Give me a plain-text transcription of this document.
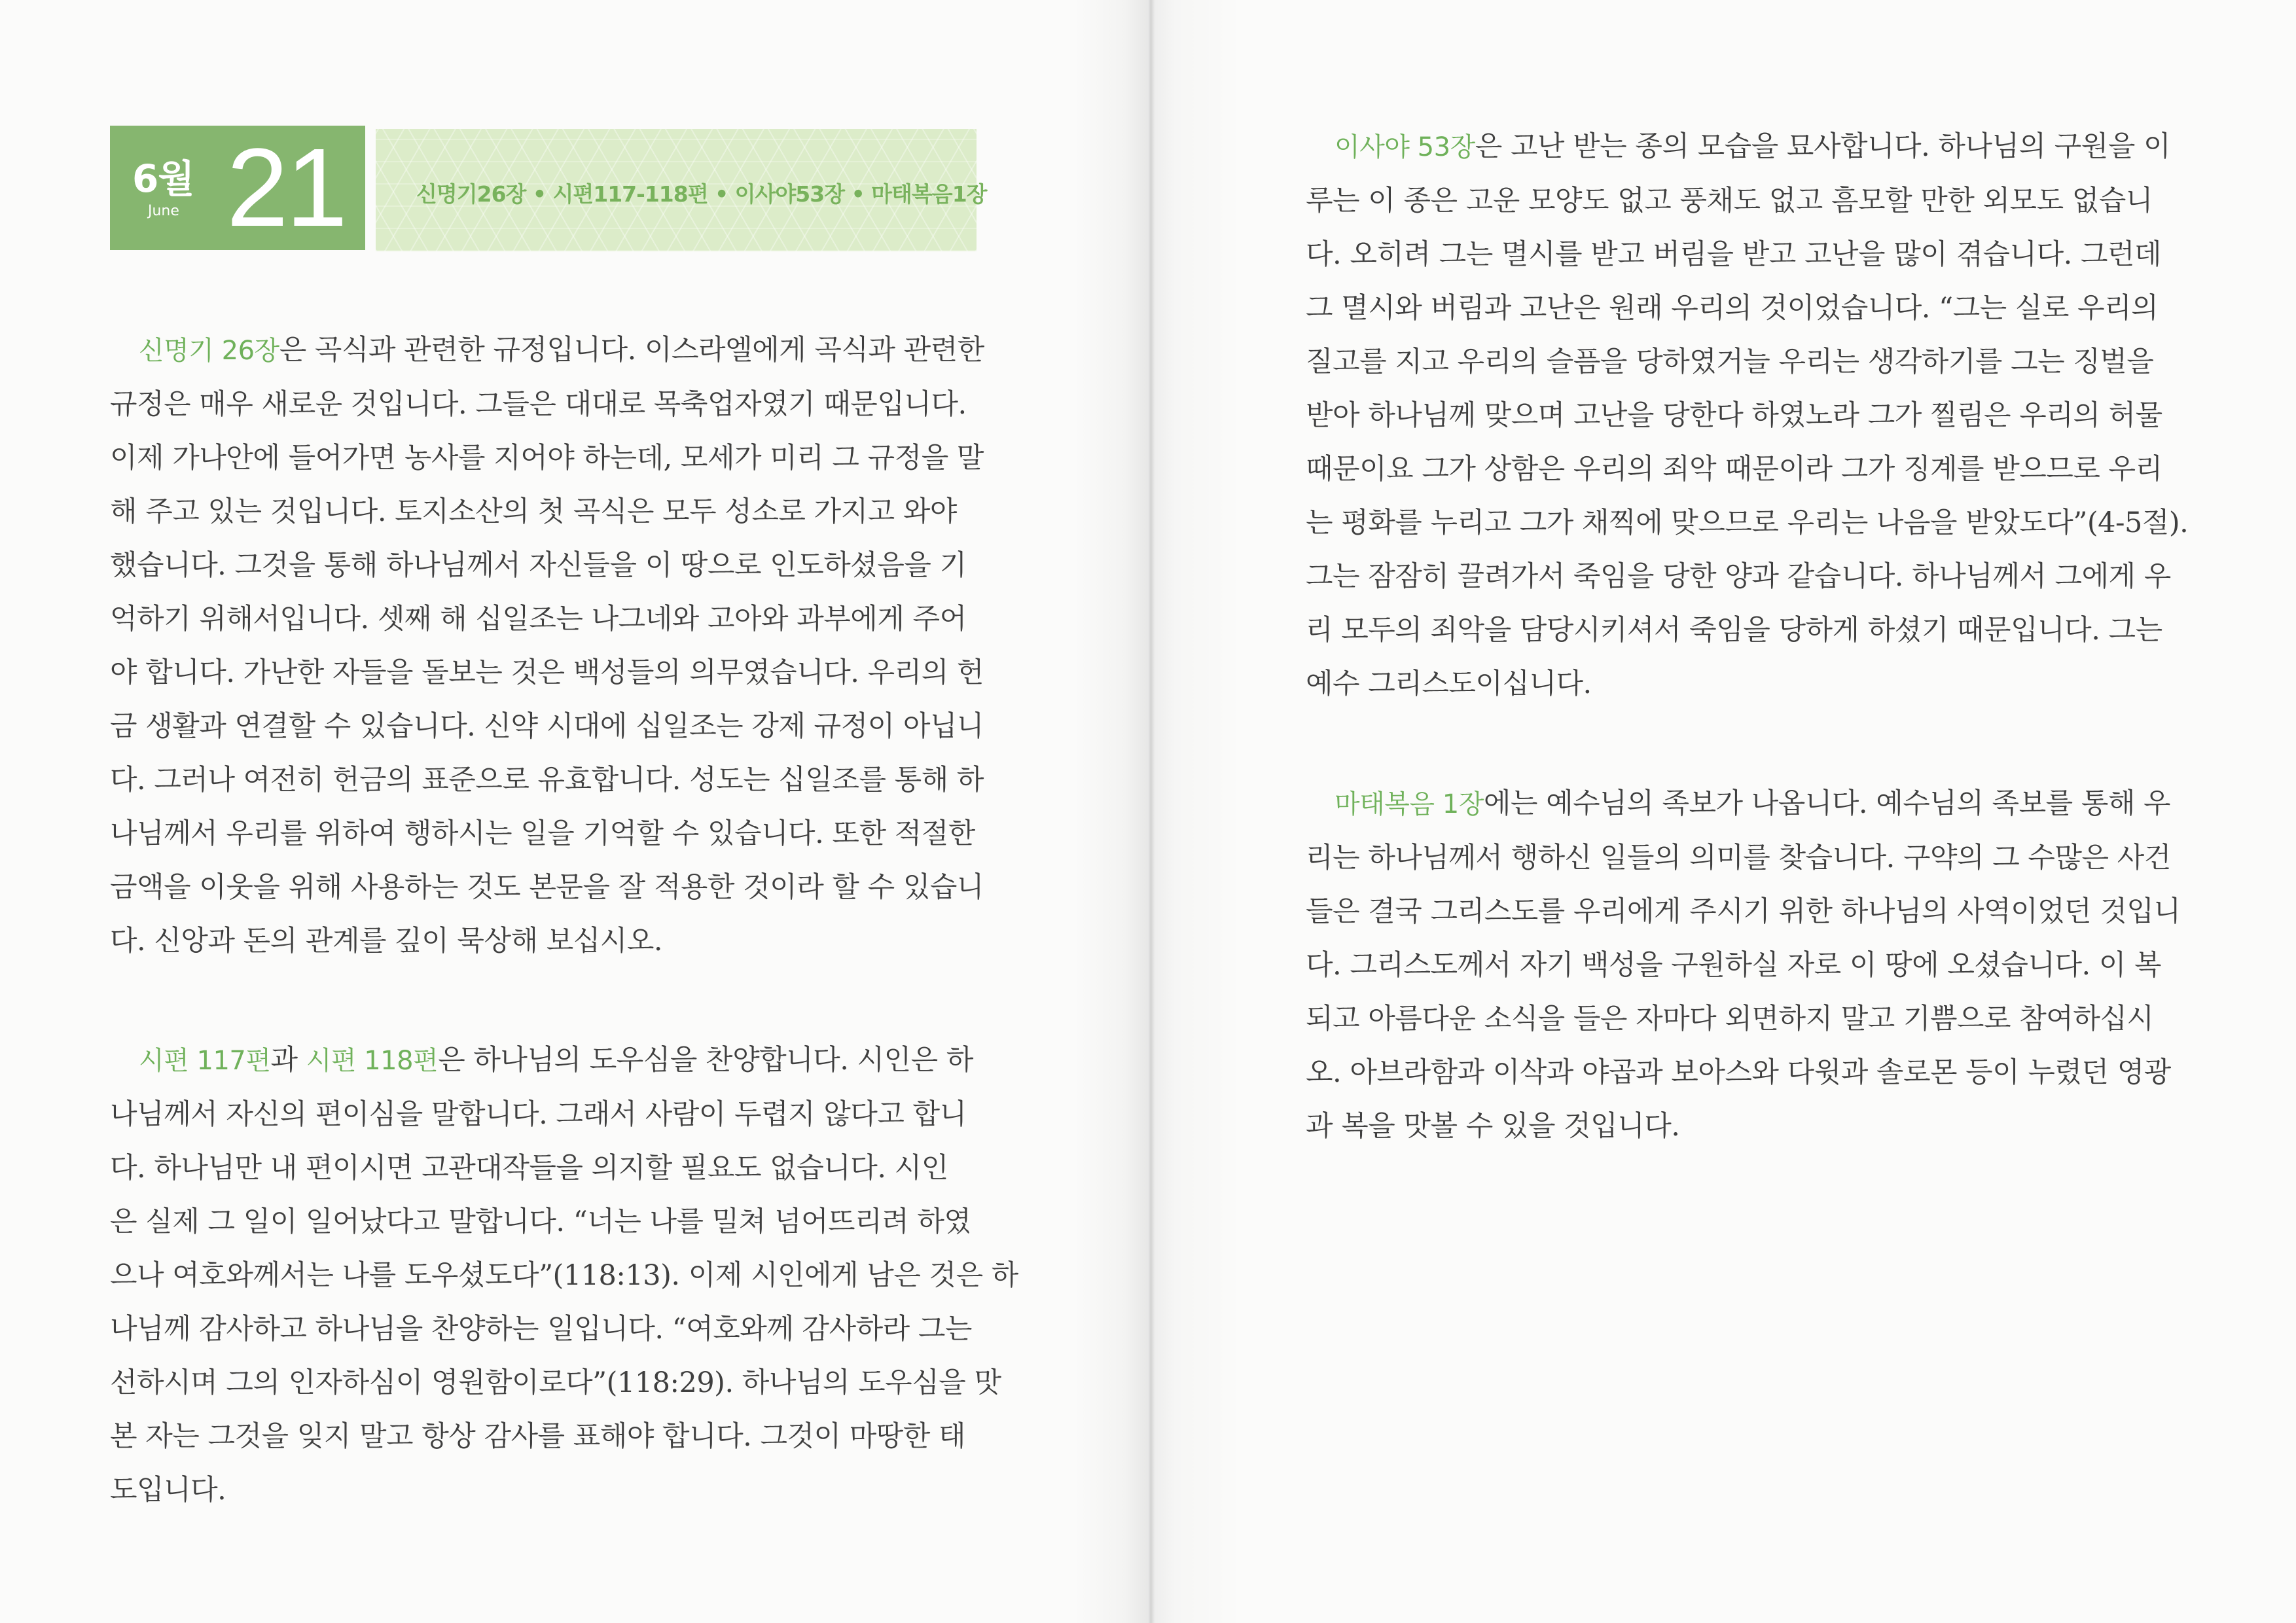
6월
June 21	신명기26장 • 시편117-118편 • 이사야53장 • 마태복음1장
신명기 26장은 곡식과 관련한 규정입니다. 이스라엘에게 곡식과 관련한
규정은 매우 새로운 것입니다. 그들은 대대로 목축업자였기 때문입니다.
이제 가나안에 들어가면 농사를 지어야 하는데, 모세가 미리 그 규정을 말
해 주고 있는 것입니다. 토지소산의 첫 곡식은 모두 성소로 가지고 와야
했습니다. 그것을 통해 하나님께서 자신들을 이 땅으로 인도하셨음을 기
억하기 위해서입니다. 셋째 해 십일조는 나그네와 고아와 과부에게 주어
야 합니다. 가난한 자들을 돌보는 것은 백성들의 의무였습니다. 우리의 헌
금 생활과 연결할 수 있습니다. 신약 시대에 십일조는 강제 규정이 아닙니
다. 그러나 여전히 헌금의 표준으로 유효합니다. 성도는 십일조를 통해 하
나님께서 우리를 위하여 행하시는 일을 기억할 수 있습니다. 또한 적절한
금액을 이웃을 위해 사용하는 것도 본문을 잘 적용한 것이라 할 수 있습니
다. 신앙과 돈의 관계를 깊이 묵상해 보십시오.
시편 117편과 시편 118편은 하나님의 도우심을 찬양합니다. 시인은 하
나님께서 자신의 편이심을 말합니다. 그래서 사람이 두렵지 않다고 합니
다. 하나님만 내 편이시면 고관대작들을 의지할 필요도 없습니다. 시인
은 실제 그 일이 일어났다고 말합니다. “너는 나를 밀쳐 넘어뜨리려 하였
으나 여호와께서는 나를 도우셨도다”(118:13). 이제 시인에게 남은 것은 하
나님께 감사하고 하나님을 찬양하는 일입니다. “여호와께 감사하라 그는
선하시며 그의 인자하심이 영원함이로다”(118:29). 하나님의 도우심을 맛
본 자는 그것을 잊지 말고 항상 감사를 표해야 합니다. 그것이 마땅한 태
도입니다.
이사야 53장은 고난 받는 종의 모습을 묘사합니다. 하나님의 구원을 이
루는 이 종은 고운 모양도 없고 풍채도 없고 흠모할 만한 외모도 없습니
다. 오히려 그는 멸시를 받고 버림을 받고 고난을 많이 겪습니다. 그런데
그 멸시와 버림과 고난은 원래 우리의 것이었습니다. “그는 실로 우리의
질고를 지고 우리의 슬픔을 당하였거늘 우리는 생각하기를 그는 징벌을
받아 하나님께 맞으며 고난을 당한다 하였노라 그가 찔림은 우리의 허물
때문이요 그가 상함은 우리의 죄악 때문이라 그가 징계를 받으므로 우리
는 평화를 누리고 그가 채찍에 맞으므로 우리는 나음을 받았도다”(4-5절).
그는 잠잠히 끌려가서 죽임을 당한 양과 같습니다. 하나님께서 그에게 우
리 모두의 죄악을 담당시키셔서 죽임을 당하게 하셨기 때문입니다. 그는
예수 그리스도이십니다.
마태복음 1장에는 예수님의 족보가 나옵니다. 예수님의 족보를 통해 우
리는 하나님께서 행하신 일들의 의미를 찾습니다. 구약의 그 수많은 사건
들은 결국 그리스도를 우리에게 주시기 위한 하나님의 사역이었던 것입니
다. 그리스도께서 자기 백성을 구원하실 자로 이 땅에 오셨습니다. 이 복
되고 아름다운 소식을 들은 자마다 외면하지 말고 기쁨으로 참여하십시
오. 아브라함과 이삭과 야곱과 보아스와 다윗과 솔로몬 등이 누렸던 영광
과 복을 맛볼 수 있을 것입니다.
